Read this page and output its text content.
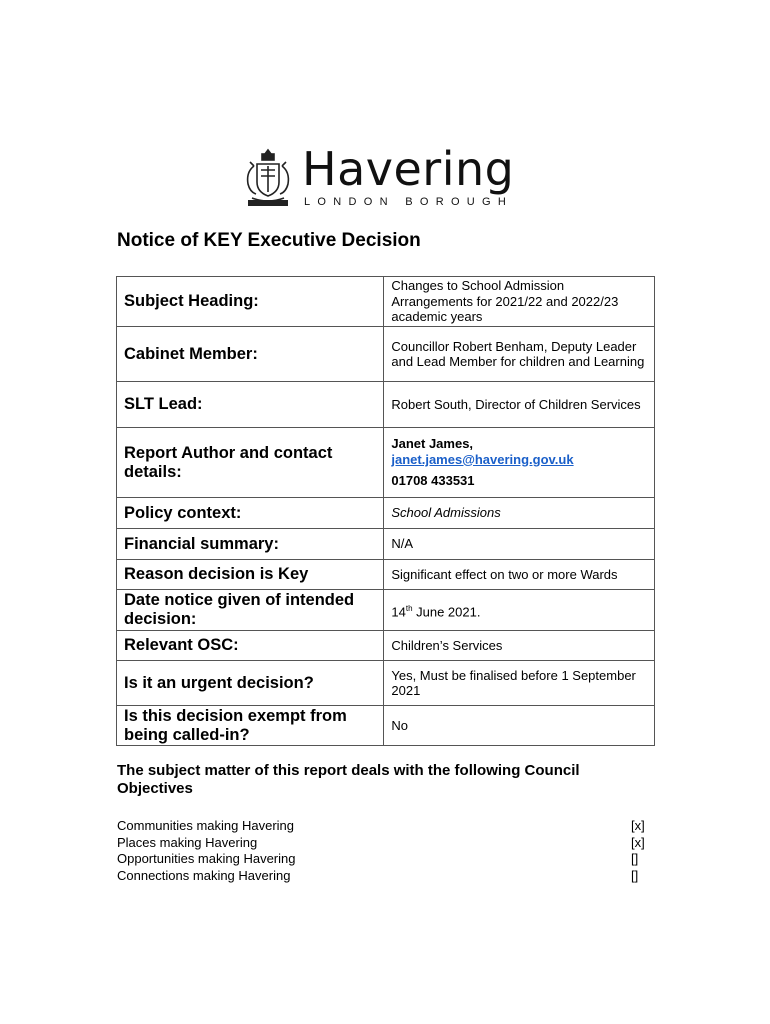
Havering
LONDON BOROUGH
Notice of KEY Executive Decision
Subject Heading:	Changes to School Admission Arrangements for 2021/22 and 2022/23 academic years
Cabinet Member:	Councillor Robert Benham, Deputy Leader and Lead Member for children and Learning
SLT Lead:	Robert South, Director of Children Services
Report Author and contact details:	Janet James,
janet.james@havering.gov.uk
01708 433531

Policy context:	School Admissions
Financial summary:	N/A
Reason decision is Key	Significant effect on two or more Wards
Date notice given of intended decision:	14th June 2021.
Relevant OSC:	Children’s Services
Is it an urgent decision?	Yes, Must be finalised before 1 September 2021
Is this decision exempt from being called-in?	No
The subject matter of this report deals with the following Council Objectives
Communities making Havering	[x]
Places making Havering	[x]
Opportunities making Havering	[]
Connections making Havering	[]
